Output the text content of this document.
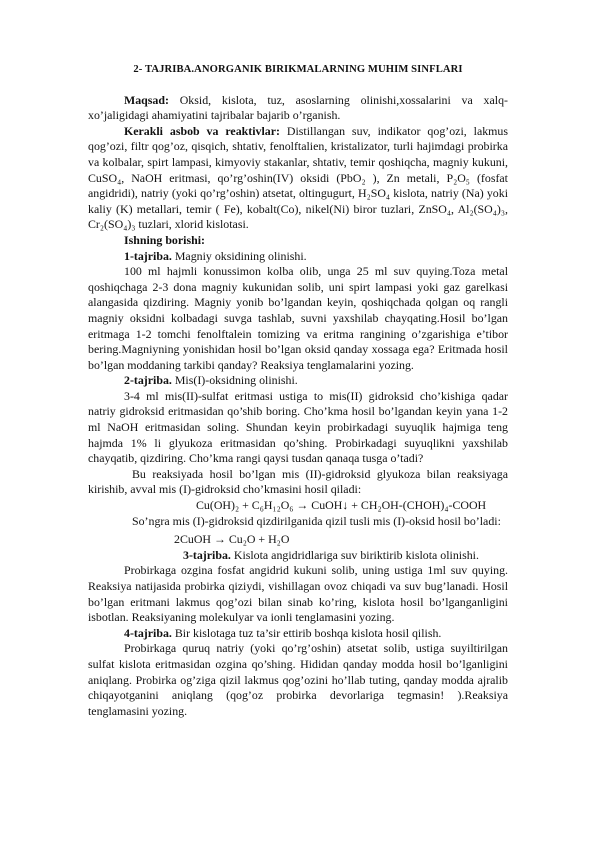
2- TAJRIBA.ANORGANIK BIRIKMALARNING MUHIM SINFLARI

Maqsad: Oksid, kislota, tuz, asoslarning olinishi,xossalarini va xalq-xo’jaligidagi ahamiyatini tajribalar bajarib o’rganish.

Kerakli asbob va reaktivlar: Distillangan suv, indikator qog’ozi, lakmus qog’ozi, filtr qog’oz, qisqich, shtativ, fenolftalien, kristalizator, turli hajimdagi probirka va kolbalar, spirt lampasi, kimyoviy stakanlar, shtativ, temir qoshiqcha, magniy kukuni, CuSO₄, NaOH eritmasi, qo’rg’oshin(IV) oksidi (PbO₂ ), Zn metali, P₂O₅ (fosfat angidridi), natriy (yoki qo’rg’oshin) atsetat, oltingugurt, H₂SO₄ kislota, natriy (Na) yoki kaliy (K) metallari, temir ( Fe), kobalt(Co), nikel(Ni) biror tuzlari, ZnSO₄, Al₂(SO₄)₃, Cr₂(SO₄)₃ tuzlari, xlorid kislotasi.

Ishning borishi:

1-tajriba. Magniy oksidining olinishi.

100 ml hajmli konussimon kolba olib, unga 25 ml suv quying.Toza metal qoshiqchaga 2-3 dona magniy kukunidan solib, uni spirt lampasi yoki gaz garelkasi alangasida qizdiring. Magniy yonib bo’lgandan keyin, qoshiqchada qolgan oq rangli magniy oksidni kolbadagi suvga tashlab, suvni yaxshilab chayqating.Hosil bo’lgan eritmaga 1-2 tomchi fenolftalein tomizing va eritma rangining o’zgarishiga e’tibor bering.Magniyning yonishidan hosil bo’lgan oksid qanday xossaga ega? Eritmada hosil bo’lgan moddaning tarkibi qanday? Reaksiya tenglamalarini yozing.

2-tajriba. Mis(I)-oksidning olinishi.

3-4 ml mis(II)-sulfat eritmasi ustiga to mis(II) gidroksid cho’kishiga qadar natriy gidroksid eritmasidan qo’shib boring. Cho’kma hosil bo’lgandan keyin yana 1-2 ml NaOH eritmasidan soling. Shundan keyin probirkadagi suyuqlik hajmiga teng hajmda 1% li glyukoza eritmasidan qo’shing. Probirkadagi suyuqlikni yaxshilab chayqatib, qizdiring. Cho’kma rangi qaysi tusdan qanaqa tusga o’tadi?

Bu reaksiyada hosil bo’lgan mis (II)-gidroksid glyukoza bilan reaksiyaga kirishib, avval mis (I)-gidroksid cho’kmasini hosil qiladi:

Cu(OH)₂ + C₆H₁₂O₆ → CuOH↓ + CH₂OH-(CHOH)₄-COOH

So’ngra mis (I)-gidroksid qizdirilganida qizil tusli mis (I)-oksid hosil bo’ladi:

2CuOH → Cu₂O + H₂O

3-tajriba. Kislota angidridlariga suv biriktirib kislota olinishi.

Probirkaga ozgina fosfat angidrid kukuni solib, uning ustiga 1ml suv quying. Reaksiya natijasida probirka qiziydi, vishillagan ovoz chiqadi va suv bug’lanadi. Hosil bo’lgan eritmani lakmus qog’ozi bilan sinab ko’ring, kislota hosil bo’lganganligini isbotlan. Reaksiyaning molekulyar va ionli tenglamasini yozing.

4-tajriba. Bir kislotaga tuz ta’sir ettirib boshqa kislota hosil qilish.

Probirkaga quruq natriy (yoki qo’rg’oshin) atsetat solib, ustiga suyiltirilgan sulfat kislota eritmasidan ozgina qo’shing. Hididan qanday modda hosil bo’lganligini aniqlang. Probirka og’ziga qizil lakmus qog’ozini ho’llab tuting, qanday modda ajralib chiqayotganini aniqlang (qog’oz probirka devorlariga tegmasin! ).Reaksiya tenglamasini yozing.
